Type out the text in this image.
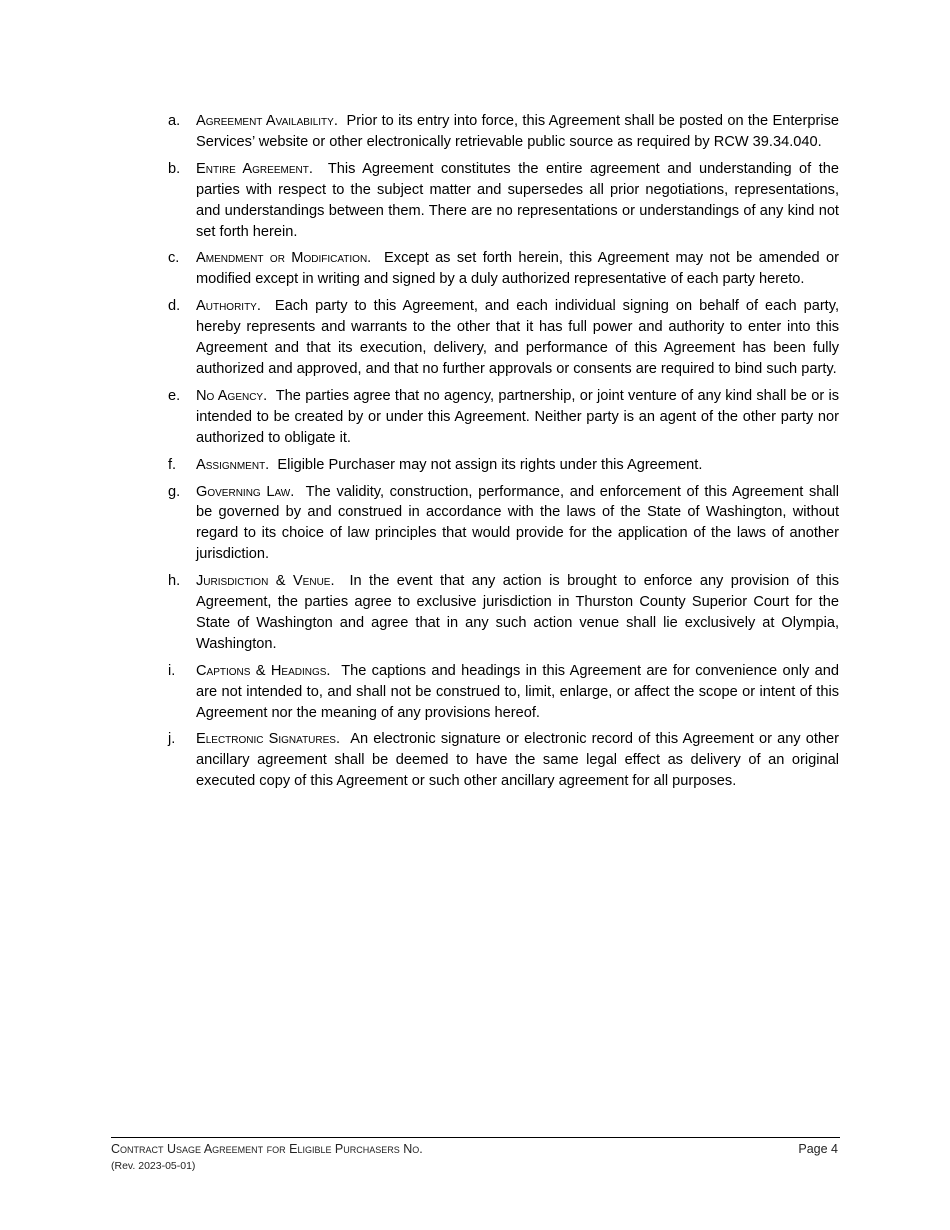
a.	Agreement Availability. Prior to its entry into force, this Agreement shall be posted on the Enterprise Services’ website or other electronically retrievable public source as required by RCW 39.34.040.
b.	Entire Agreement. This Agreement constitutes the entire agreement and understanding of the parties with respect to the subject matter and supersedes all prior negotiations, representations, and understandings between them. There are no representations or understandings of any kind not set forth herein.
c.	Amendment or Modification. Except as set forth herein, this Agreement may not be amended or modified except in writing and signed by a duly authorized representative of each party hereto.
d.	Authority. Each party to this Agreement, and each individual signing on behalf of each party, hereby represents and warrants to the other that it has full power and authority to enter into this Agreement and that its execution, delivery, and performance of this Agreement has been fully authorized and approved, and that no further approvals or consents are required to bind such party.
e.	No Agency. The parties agree that no agency, partnership, or joint venture of any kind shall be or is intended to be created by or under this Agreement. Neither party is an agent of the other party nor authorized to obligate it.
f.	Assignment. Eligible Purchaser may not assign its rights under this Agreement.
g.	Governing Law. The validity, construction, performance, and enforcement of this Agreement shall be governed by and construed in accordance with the laws of the State of Washington, without regard to its choice of law principles that would provide for the application of the laws of another jurisdiction.
h.	Jurisdiction & Venue. In the event that any action is brought to enforce any provision of this Agreement, the parties agree to exclusive jurisdiction in Thurston County Superior Court for the State of Washington and agree that in any such action venue shall lie exclusively at Olympia, Washington.
i.	Captions & Headings. The captions and headings in this Agreement are for convenience only and are not intended to, and shall not be construed to, limit, enlarge, or affect the scope or intent of this Agreement nor the meaning of any provisions hereof.
j.	Electronic Signatures. An electronic signature or electronic record of this Agreement or any other ancillary agreement shall be deemed to have the same legal effect as delivery of an original executed copy of this Agreement or such other ancillary agreement for all purposes.
Contract Usage Agreement for Eligible Purchasers No.
(Rev. 2023-05-01)
Page 4
